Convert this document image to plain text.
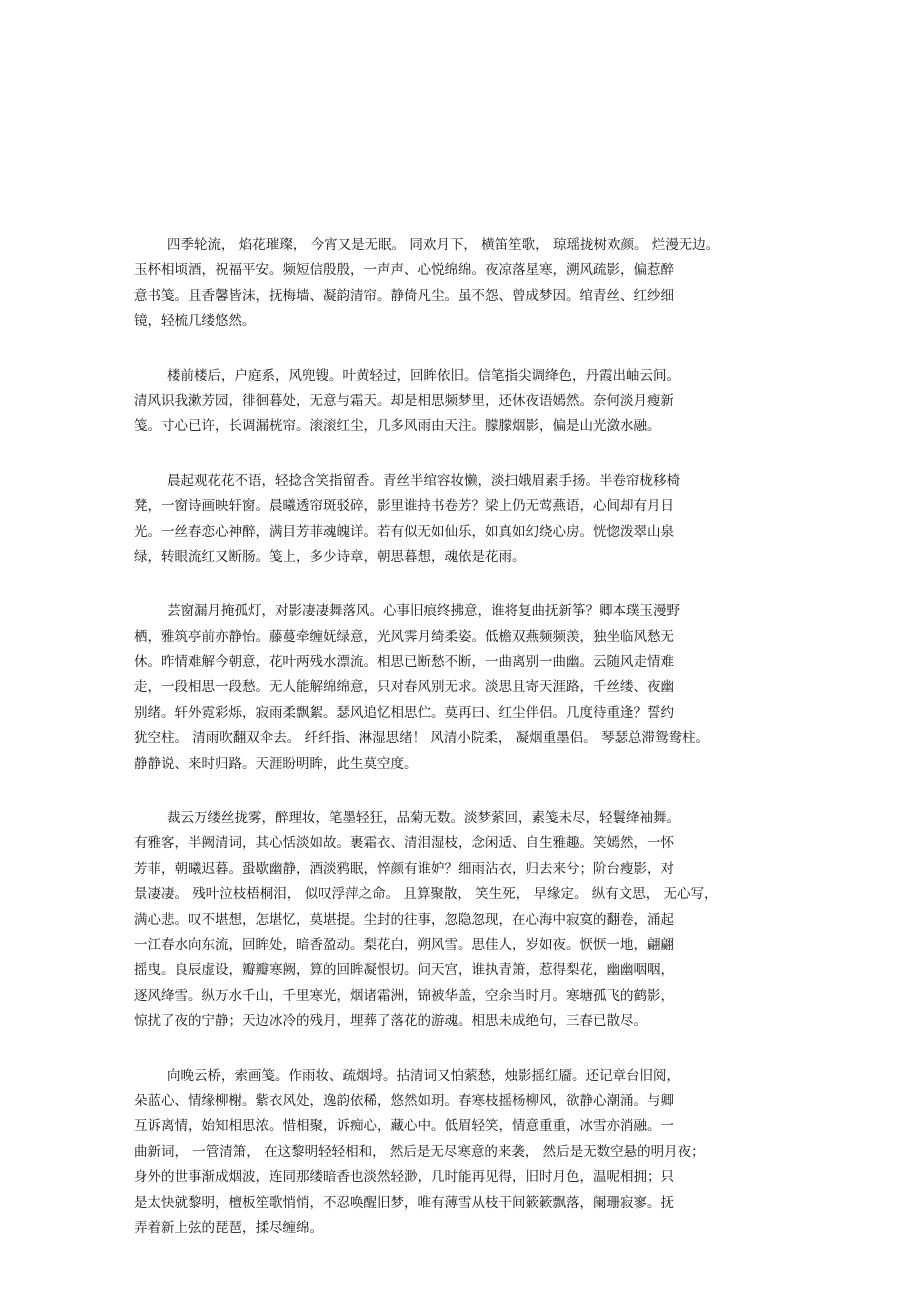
四季轮流， 焰花璀璨， 今宵又是无眠。 同欢月下， 横笛笙歌， 琼瑶拢树欢颜。 烂漫无边。
玉杯相顷酒，祝福平安。频短信殷殷，一声声、心悦绵绵。夜凉落星寒，溯风疏影，偏惹醉
意书笺。且香馨皆沫，抚梅墙、凝韵清帘。静倚凡尘。虽不怨、曾成梦因。绾青丝、红纱细
镜，轻梳几缕悠然。
楼前楼后，户庭系，风兜锼。叶黄轻过，回眸依旧。信笔指尖调绛色，丹霞出岫云间。
清风识我漱芳园，徘徊暮处，无意与霜天。却是相思频梦里，还休夜语嫣然。奈何淡月瘦新
笺。寸心已许，长调漏桄帘。滚滚红尘，几多风雨由天注。朦朦烟影，偏是山光潋水融。
晨起观花花不语，轻捻含笑指留香。青丝半绾容妆懒，淡扫娥眉素手扬。半卷帘栊移椅
凳，一窗诗画映轩窗。晨曦透帘斑驳碎，影里谁持书卷芳？梁上仍无莺燕语，心间却有月日
光。一丝春恋心神醉，满目芳菲魂魄详。若有似无如仙乐，如真如幻绕心房。恍惚泼翠山泉
绿，转眼流红又断肠。笺上，多少诗章，朝思暮想，魂依是花雨。
芸窗漏月掩孤灯，对影凄凄舞落风。心事旧痕终拂意，谁将复曲抚新筝？卿本璞玉漫野
栖，雅筑亭前亦静怡。藤蔓牵缠妩绿意，光风霁月绮柔姿。低檐双燕频频羡，独坐临风愁无
休。昨情难解今朝意，花叶两残水漂流。相思已断愁不断，一曲离别一曲幽。云随风走情难
走，一段相思一段愁。无人能解绵绵意，只对春风别无求。淡思且寄天涯路，千丝缕、夜幽
别绪。轩外霓彩烁，寂雨柔飘絮。瑟风追忆相思伫。莫再曰、红尘伴侣。几度待重逢？誓约
犹空柱。 清雨吹翻双伞去。 纤纤指、淋湿思绪！ 风清小院柔， 凝烟重墨侣。 琴瑟总滞鸳鸯柱。
静静说、来时归路。天涯盼明眸，此生莫空度。
裁云万缕丝拢雾，醉理妆，笔墨轻狂，品菊无数。淡梦萦回，素笺未尽，轻鬟绛袖舞。
有雅客，半阙清词，其心恬淡如故。裹霜衣、清泪湿枝，念闲适、自生雅趣。笑嫣然，一怀
芳菲，朝曦迟暮。蛩歇幽静，酒淡鸦眠，悴颜有谁妒？细雨沾衣，归去来兮；阶台瘦影，对
景凄凄。 残叶泣枝梧桐泪， 似叹浮萍之命。 且算聚散， 笑生死， 早缘定。 纵有文思， 无心写，
满心悲。叹不堪想，怎堪忆，莫堪提。尘封的往事，忽隐忽现，在心海中寂寞的翻卷，涌起
一江春水向东流，回眸处，暗香盈动。梨花白，朔风雪。思佳人，岁如夜。恹恹一地，翩翩
摇曳。良辰虚设，瓣瓣寒阙，算的回眸凝恨切。问天宫，谁执青箫，惹得梨花，幽幽咽咽，
逐风绛雪。纵万水千山，千里寒光，烟诸霜洲，锦被华盖，空余当时月。寒塘孤飞的鹤影，
惊扰了夜的宁静；天边冰冷的残月，埋葬了落花的游魂。相思未成绝句，三春已散尽。
向晚云桥，索画笺。作雨妆、疏烟埒。拈清词又怕萦愁，烛影摇红靥。还记章台旧阅，
朵蓝心、情缘柳榭。紫衣风处，逸韵依稀，悠然如玥。春寒枝摇杨柳风，欲静心潮涌。与卿
互诉离情，始知相思浓。惜相聚，诉痴心，藏心中。低眉轻笑，情意重重，冰雪亦消融。一
曲新词， 一管清箫， 在这黎明轻轻相和， 然后是无尽寒意的来袭， 然后是无数空悬的明月夜；
身外的世事渐成烟波，连同那缕暗香也淡然轻渺，几时能再见得，旧时月色，温呢相拥；只
是太快就黎明，檀板笙歌悄悄，不忍唤醒旧梦，唯有薄雪从枝干间簌簌飘落，阑珊寂寥。抚
弄着新上弦的琵琶，揉尽缠绵。
